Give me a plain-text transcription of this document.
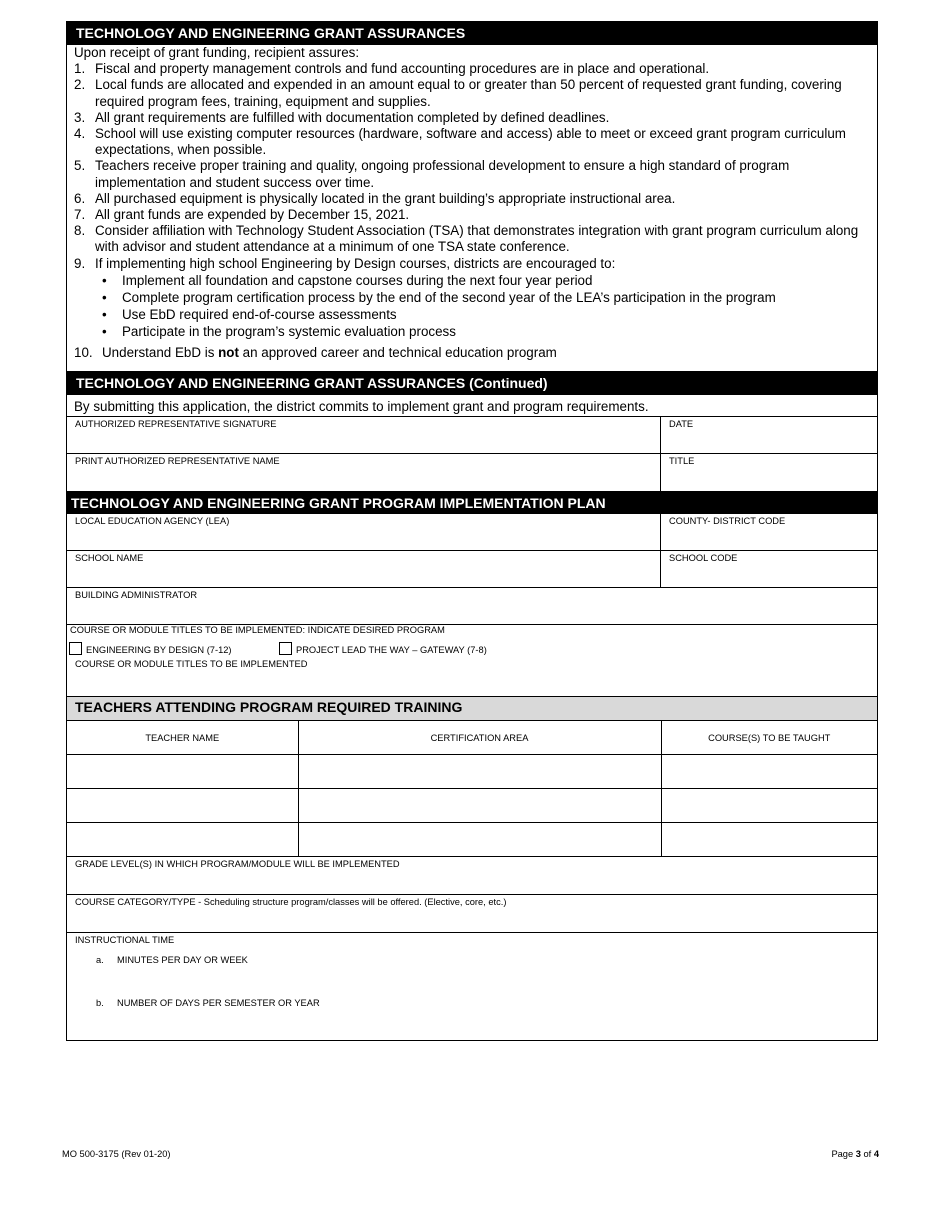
TECHNOLOGY AND ENGINEERING GRANT ASSURANCES
Upon receipt of grant funding, recipient assures:
1. Fiscal and property management controls and fund accounting procedures are in place and operational.
2. Local funds are allocated and expended in an amount equal to or greater than 50 percent of requested grant funding, covering required program fees, training, equipment and supplies.
3. All grant requirements are fulfilled with documentation completed by defined deadlines.
4. School will use existing computer resources (hardware, software and access) able to meet or exceed grant program curriculum expectations, when possible.
5. Teachers receive proper training and quality, ongoing professional development to ensure a high standard of program implementation and student success over time.
6. All purchased equipment is physically located in the grant building’s appropriate instructional area.
7. All grant funds are expended by December 15, 2021.
8. Consider affiliation with Technology Student Association (TSA) that demonstrates integration with grant program curriculum along with advisor and student attendance at a minimum of one TSA state conference.
9. If implementing high school Engineering by Design courses, districts are encouraged to:
•	Implement all foundation and capstone courses during the next four year period
•	Complete program certification process by the end of the second year of the LEA’s participation in the program
•	Use EbD required end-of-course assessments
•	Participate in the program’s systemic evaluation process
10. Understand EbD is not an approved career and technical education program
TECHNOLOGY AND ENGINEERING GRANT ASSURANCES (Continued)
By submitting this application, the district commits to implement grant and program requirements.
AUTHORIZED REPRESENTATIVE SIGNATURE	DATE
PRINT AUTHORIZED REPRESENTATIVE NAME	TITLE
TECHNOLOGY AND ENGINEERING GRANT PROGRAM IMPLEMENTATION PLAN
LOCAL EDUCATION AGENCY (LEA)	COUNTY- DISTRICT CODE
SCHOOL NAME	SCHOOL CODE
BUILDING ADMINISTRATOR
COURSE OR MODULE TITLES TO BE IMPLEMENTED: INDICATE DESIRED PROGRAM
ENGINEERING BY DESIGN (7-12)	PROJECT LEAD THE WAY – GATEWAY (7-8)
COURSE OR MODULE TITLES TO BE IMPLEMENTED
TEACHERS ATTENDING PROGRAM REQUIRED TRAINING
TEACHER NAME	CERTIFICATION AREA	COURSE(S) TO BE TAUGHT

GRADE LEVEL(S) IN WHICH PROGRAM/MODULE WILL BE IMPLEMENTED
COURSE CATEGORY/TYPE - Scheduling structure program/classes will be offered. (Elective, core, etc.)
INSTRUCTIONAL TIME
a.	MINUTES PER DAY OR WEEK
b.	NUMBER OF DAYS PER SEMESTER OR YEAR
MO 500-3175 (Rev 01-20)	Page 3 of 4
